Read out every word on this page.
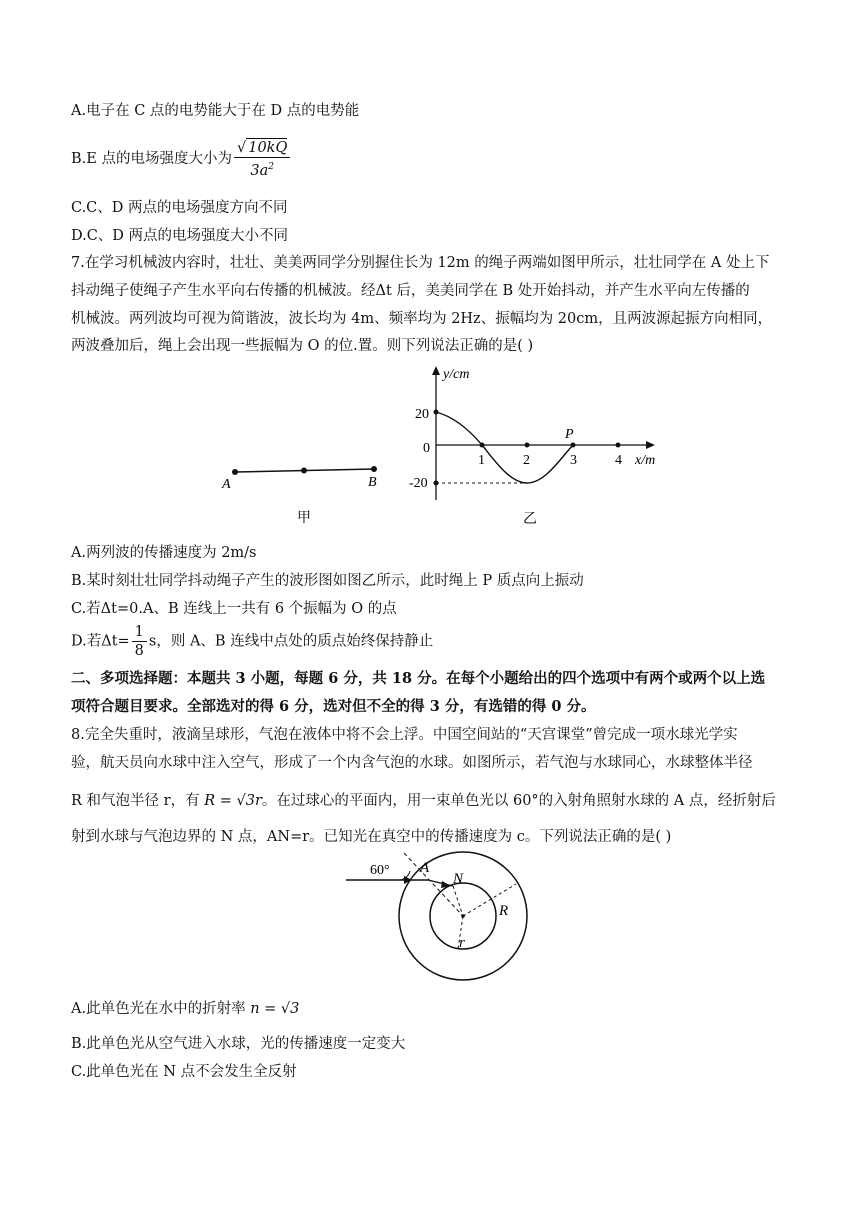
A.电子在 C 点的电势能大于在 D 点的电势能
B.E 点的电场强度大小为 $\frac{√ 10kQ}{3a^2}$
C.C、D 两点的电场强度方向不同
D.C、D 两点的电场强度大小不同
7.在学习机械波内容时，壮壮、美美两同学分别握住长为 12m 的绳子两端如图甲所示，壮壮同学在 A 处上下
抖动绳子使绳子产生水平向右传播的机械波。经Δt 后，美美同学在 B 处开始抖动，并产生水平向左传播的
机械波。两列波均可视为简谐波，波长均为 4m、频率均为 2Hz、振幅均为 20cm，且两波源起振方向相同，
两波叠加后，绳上会出现一些振幅为 O 的位.置。则下列说法正确的是( )
A	B
甲
y/cm
x/m
20
0
-20
1	2	3	4
P
乙
A.两列波的传播速度为 2m/s
B.某时刻壮壮同学抖动绳子产生的波形图如图乙所示，此时绳上 P 质点向上振动
C.若Δt=0.A、B 连线上一共有 6 个振幅为 O 的点
D.若$\Delta t= \frac{1}{8}$ s，则 A、B 连线中点处的质点始终保持静止
二、多项选择题：本题共 3 小题，每题 6 分，共 18 分。在每个小题给出的四个选项中有两个或两个以上选
项符合题目要求。全部选对的得 6 分，选对但不全的得 3 分，有选错的得 0 分。
8.完全失重时，液滴呈球形，气泡在液体中将不会上浮。中国空间站的“天宫课堂”曾完成一项水球光学实
验，航天员向水球中注入空气，形成了一个内含气泡的水球。如图所示，若气泡与水球同心，水球整体半径
R 和气泡半径 r，有 R = √3r。在过球心的平面内，用一束单色光以 60°的入射角照射水球的 A 点，经折射后
射到水球与气泡边界的 N 点，AN=r。已知光在真空中的传播速度为 c。下列说法正确的是( )
60° A
N
R
r
A.此单色光在水中的折射率 n = √3
B.此单色光从空气进入水球，光的传播速度一定变大
C.此单色光在 N 点不会发生全反射
